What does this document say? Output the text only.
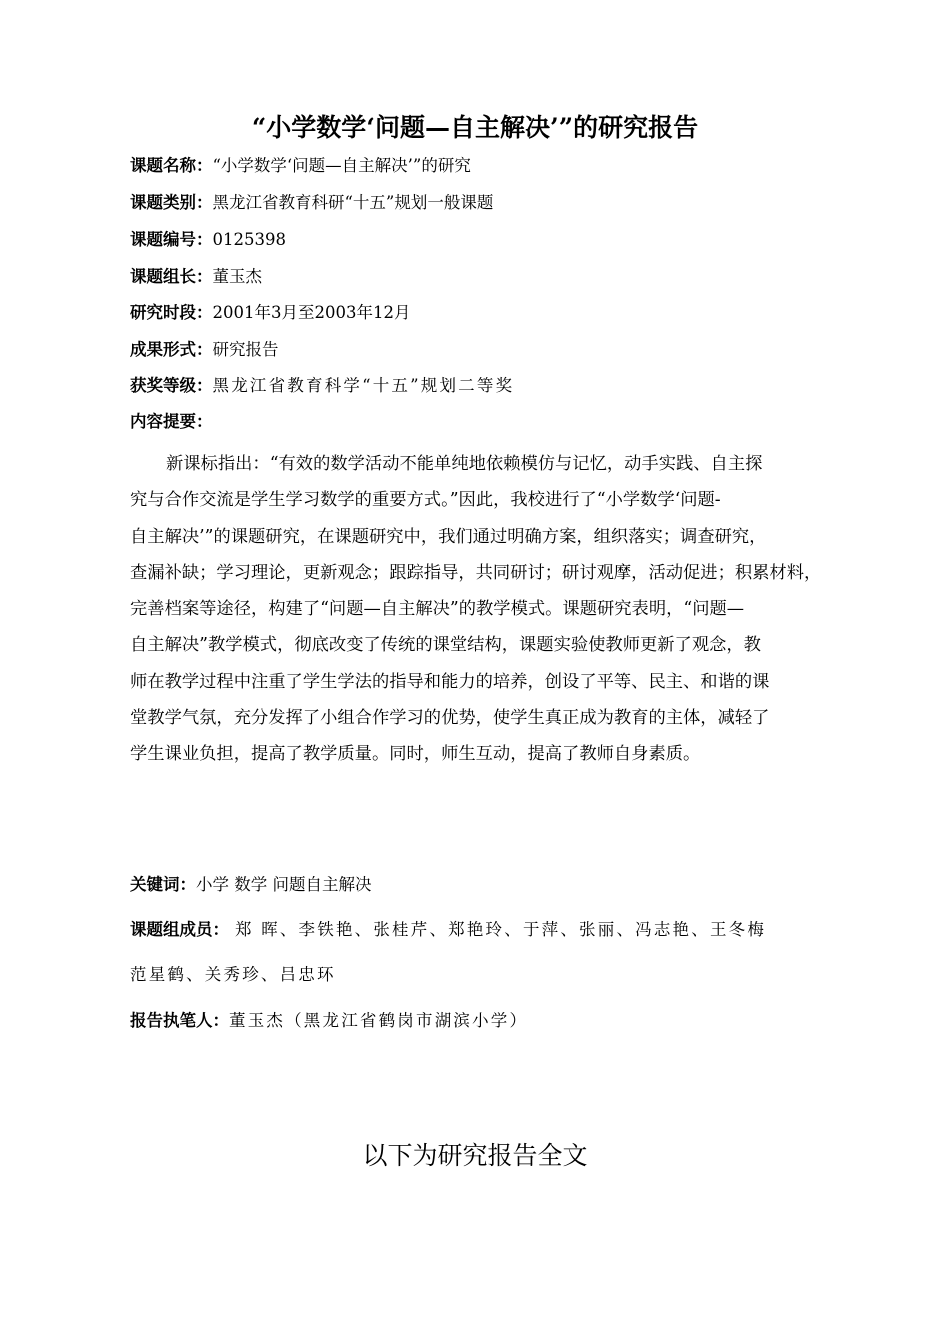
“小学数学‘问题—自主解决’”的研究报告
课题名称：“小学数学‘问题—自主解决’”的研究
课题类别：黑龙江省教育科研“十五”规划一般课题
课题编号：0125398
课题组长：董玉杰
研究时段：2001年3月至2003年12月
成果形式：研究报告
获奖等级：黑龙江省教育科学“十五”规划二等奖
内容提要：
新课标指出：“有效的数学活动不能单纯地依赖模仿与记忆，动手实践、自主探
究与合作交流是学生学习数学的重要方式。”因此，我校进行了“小学数学‘问题-
自主解决’”的课题研究，在课题研究中，我们通过明确方案，组织落实；调查研究，
查漏补缺；学习理论，更新观念；跟踪指导，共同研讨；研讨观摩，活动促进；积累材料，
完善档案等途径，构建了“问题—自主解决”的教学模式。课题研究表明，“问题—
自主解决”教学模式，彻底改变了传统的课堂结构，课题实验使教师更新了观念，教
师在教学过程中注重了学生学法的指导和能力的培养，创设了平等、民主、和谐的课
堂教学气氛，充分发挥了小组合作学习的优势，使学生真正成为教育的主体，减轻了
学生课业负担，提高了教学质量。同时，师生互动，提高了教师自身素质。
关键词：小学 数学 问题自主解决
课题组成员： 郑 晖、李铁艳、张桂芹、郑艳玲、于萍、张丽、冯志艳、王冬梅
范星鹤、关秀珍、吕忠环
报告执笔人：董玉杰（黑龙江省鹤岗市湖滨小学）
以下为研究报告全文
